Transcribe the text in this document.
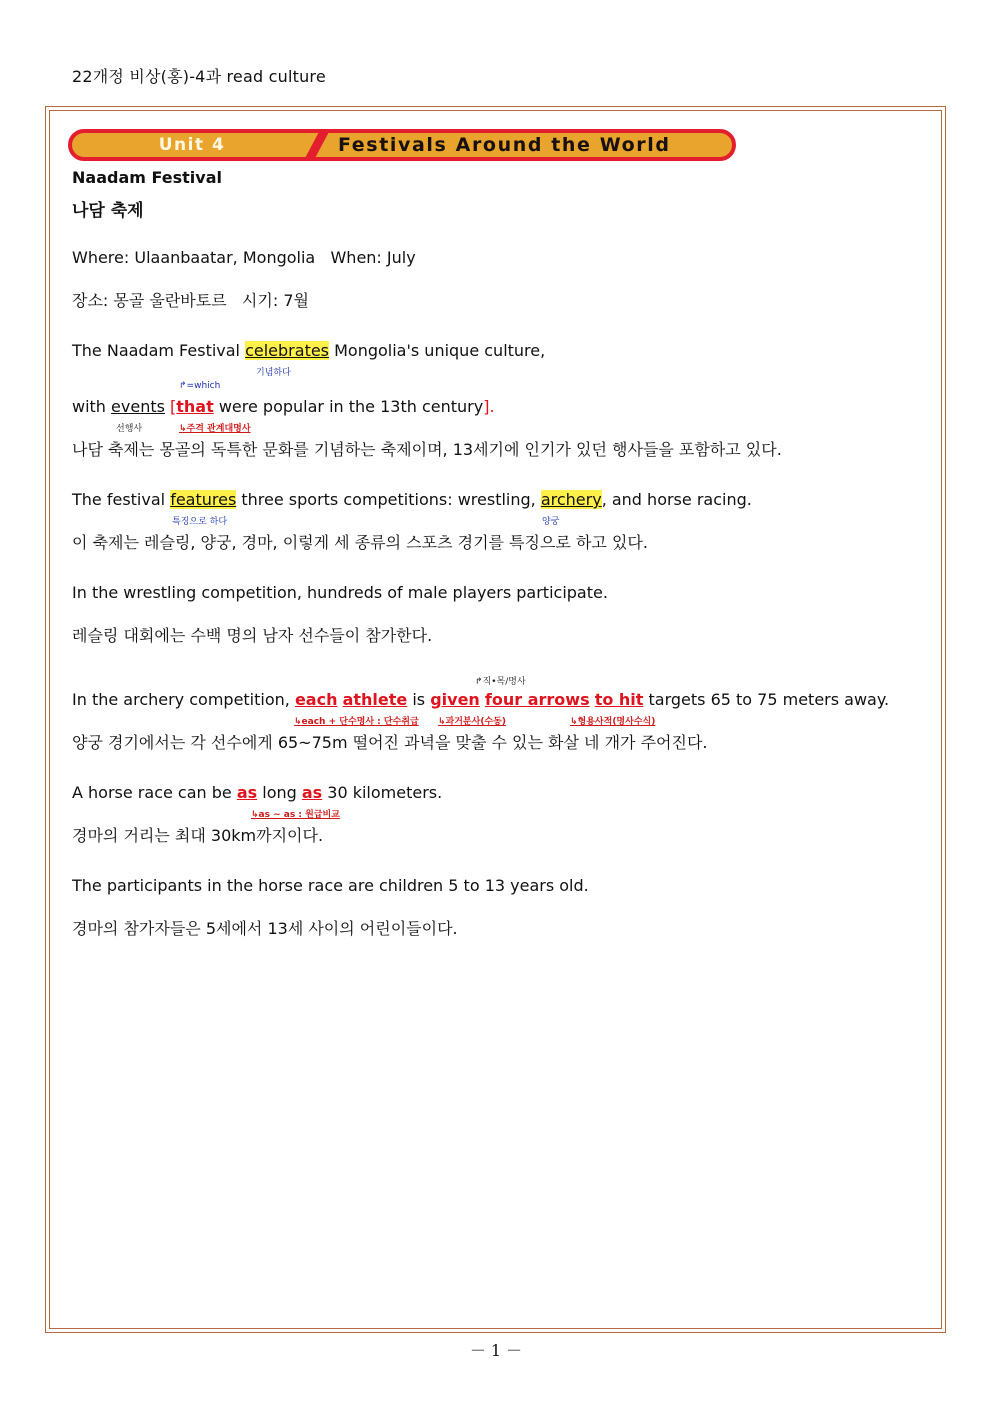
22개정 비상(홍)-4과 read culture
Unit 4	Festivals Around the World
Naadam Festival
나담 축제
Where: Ulaanbaatar, Mongolia   When: July
장소: 몽골 울란바토르   시기: 7월
The Naadam Festival celebrates Mongolia's unique culture,
기념하다
↱=which
with events [that were popular in the 13th century].
선행사	↳주격 관계대명사
나담 축제는 몽골의 독특한 문화를 기념하는 축제이며, 13세기에 인기가 있던 행사들을 포함하고 있다.
The festival features three sports competitions: wrestling, archery, and horse racing.
특징으로 하다	양궁
이 축제는 레슬링, 양궁, 경마, 이렇게 세 종류의 스포츠 경기를 특징으로 하고 있다.
In the wrestling competition, hundreds of male players participate.
레슬링 대회에는 수백 명의 남자 선수들이 참가한다.
↱직•목/명사
In the archery competition, each athlete is given four arrows to hit targets 65 to 75 meters away.
↳each + 단수명사 : 단수취급 ↳과거분사(수동)	↳형용사적(명사수식)
양궁 경기에서는 각 선수에게 65~75m 떨어진 과녁을 맞출 수 있는 화살 네 개가 주어진다.
A horse race can be as long as 30 kilometers.
↳as ~ as : 원급비교
경마의 거리는 최대 30km까지이다.
The participants in the horse race are children 5 to 13 years old.
경마의 참가자들은 5세에서 13세 사이의 어린이들이다.
－ 1 －
